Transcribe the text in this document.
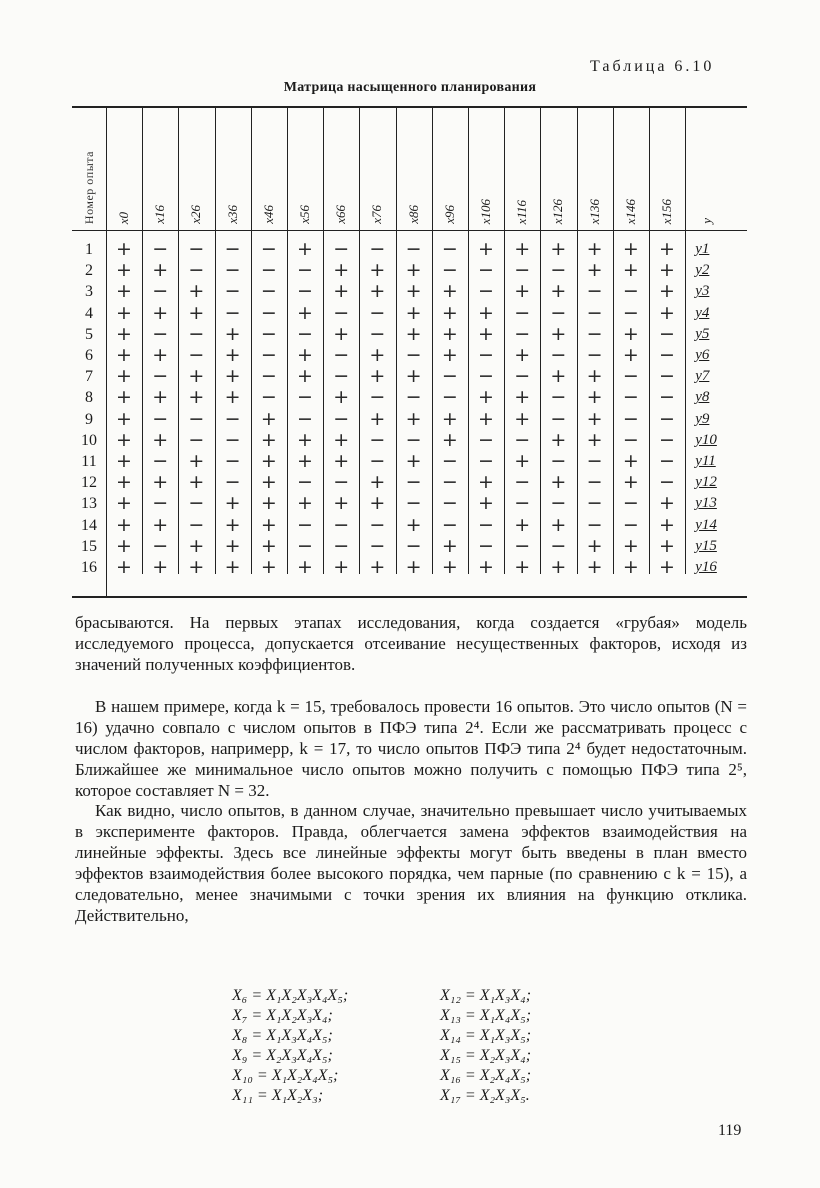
Таблица 6.10
Матрица насыщенного планирования
Номер опыта x0 x16 x26 x36 x46 x56 x66 x76 x86 x96 x106 x116 x126 x136 x146 x156 y
1	+	−	−	−	−	+	−	−	−	−	+	+	+	+	+	+	y1
2	+	+	−	−	−	−	+	+	+	−	−	−	−	+	+	+	y2
3	+	−	+	−	−	−	+	+	+	+	−	+	+	−	−	+	y3
4	+	+	+	−	−	+	−	−	+	+	+	−	−	−	−	+	y4
5	+	−	−	+	−	−	+	−	+	+	+	−	+	−	+	−	y5
6	+	+	−	+	−	+	−	+	−	+	−	+	−	−	+	−	y6
7	+	−	+	+	−	+	−	+	+	−	−	−	+	+	−	−	y7
8	+	+	+	+	−	−	+	−	−	−	+	+	−	+	−	−	y8
9	+	−	−	−	+	−	−	+	+	+	+	+	−	+	−	−	y9
10	+	+	−	−	+	+	+	−	−	+	−	−	+	+	−	−	y10
11	+	−	+	−	+	+	+	−	+	−	−	+	−	−	+	−	y11
12	+	+	+	−	+	−	−	+	−	−	+	−	+	−	+	−	y12
13	+	−	−	+	+	+	+	+	−	−	+	−	−	−	−	+	y13
14	+	+	−	+	+	−	−	−	+	−	−	+	+	−	−	+	y14
15	+	−	+	+	+	−	−	−	−	+	−	−	−	+	+	+	y15
16	+	+	+	+	+	+	+	+	+	+	+	+	+	+	+	+	y16
брасываются. На первых этапах исследования, когда создается «грубая» модель исследуемого процесса, допускается отсеивание несущественных факторов, исходя из значений полученных коэффициентов.
В нашем примере, когда k = 15, требовалось провести 16 опытов. Это число опытов (N = 16) удачно совпало с числом опытов в ПФЭ типа 2⁴. Если же рассматривать процесс с числом факторов, напримерр, k = 17, то число опытов ПФЭ типа 2⁴ будет недостаточным. Ближайшее же минимальное число опытов можно получить с помощью ПФЭ типа 2⁵, которое составляет N = 32.
Как видно, число опытов, в данном случае, значительно превышает число учитываемых в эксперименте факторов. Правда, облегчается замена эффектов взаимодействия на линейные эффекты. Здесь все линейные эффекты могут быть введены в план вместо эффектов взаимодействия более высокого порядка, чем парные (по сравнению с k = 15), а следовательно, менее значимыми с точки зрения их влияния на функцию отклика. Действительно,
X₆ = X₁X₂X₃X₄X₅;
X₇ = X₁X₂X₃X₄;
X₈ = X₁X₃X₄X₅;
X₉ = X₂X₃X₄X₅;
X₁₀ = X₁X₂X₄X₅;
X₁₁ = X₁X₂X₃;
X₁₂ = X₁X₃X₄;
X₁₃ = X₁X₄X₅;
X₁₄ = X₁X₃X₅;
X₁₅ = X₂X₃X₄;
X₁₆ = X₂X₄X₅;
X₁₇ = X₂X₃X₅.
119
